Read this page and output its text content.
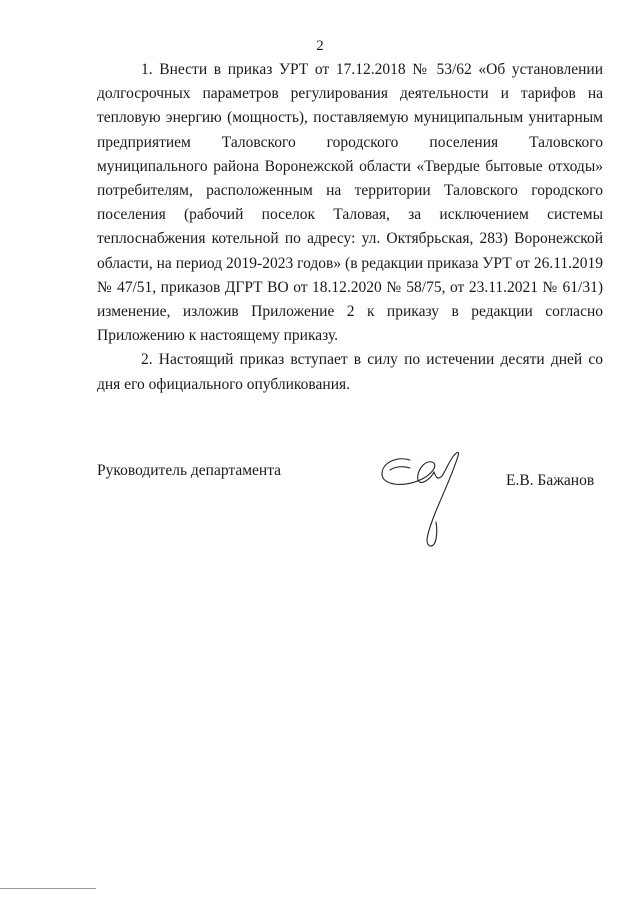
2

1. Внести в приказ УРТ от 17.12.2018 № 53/62 «Об установлении долгосрочных параметров регулирования деятельности и тарифов на тепловую энергию (мощность), поставляемую муниципальным унитарным предприятием Таловского городского поселения Таловского муниципального района Воронежской области «Твердые бытовые отходы» потребителям, расположенным на территории Таловского городского поселения (рабочий поселок Таловая, за исключением системы теплоснабжения котельной по адресу: ул. Октябрьская, 283) Воронежской области, на период 2019-2023 годов» (в редакции приказа УРТ от 26.11.2019 № 47/51, приказов ДГРТ ВО от 18.12.2020 № 58/75, от 23.11.2021 № 61/31) изменение, изложив Приложение 2 к приказу в редакции согласно Приложению к настоящему приказу.

2. Настоящий приказ вступает в силу по истечении десяти дней со дня его официального опубликования.

Руководитель департамента
Е.В. Бажанов
